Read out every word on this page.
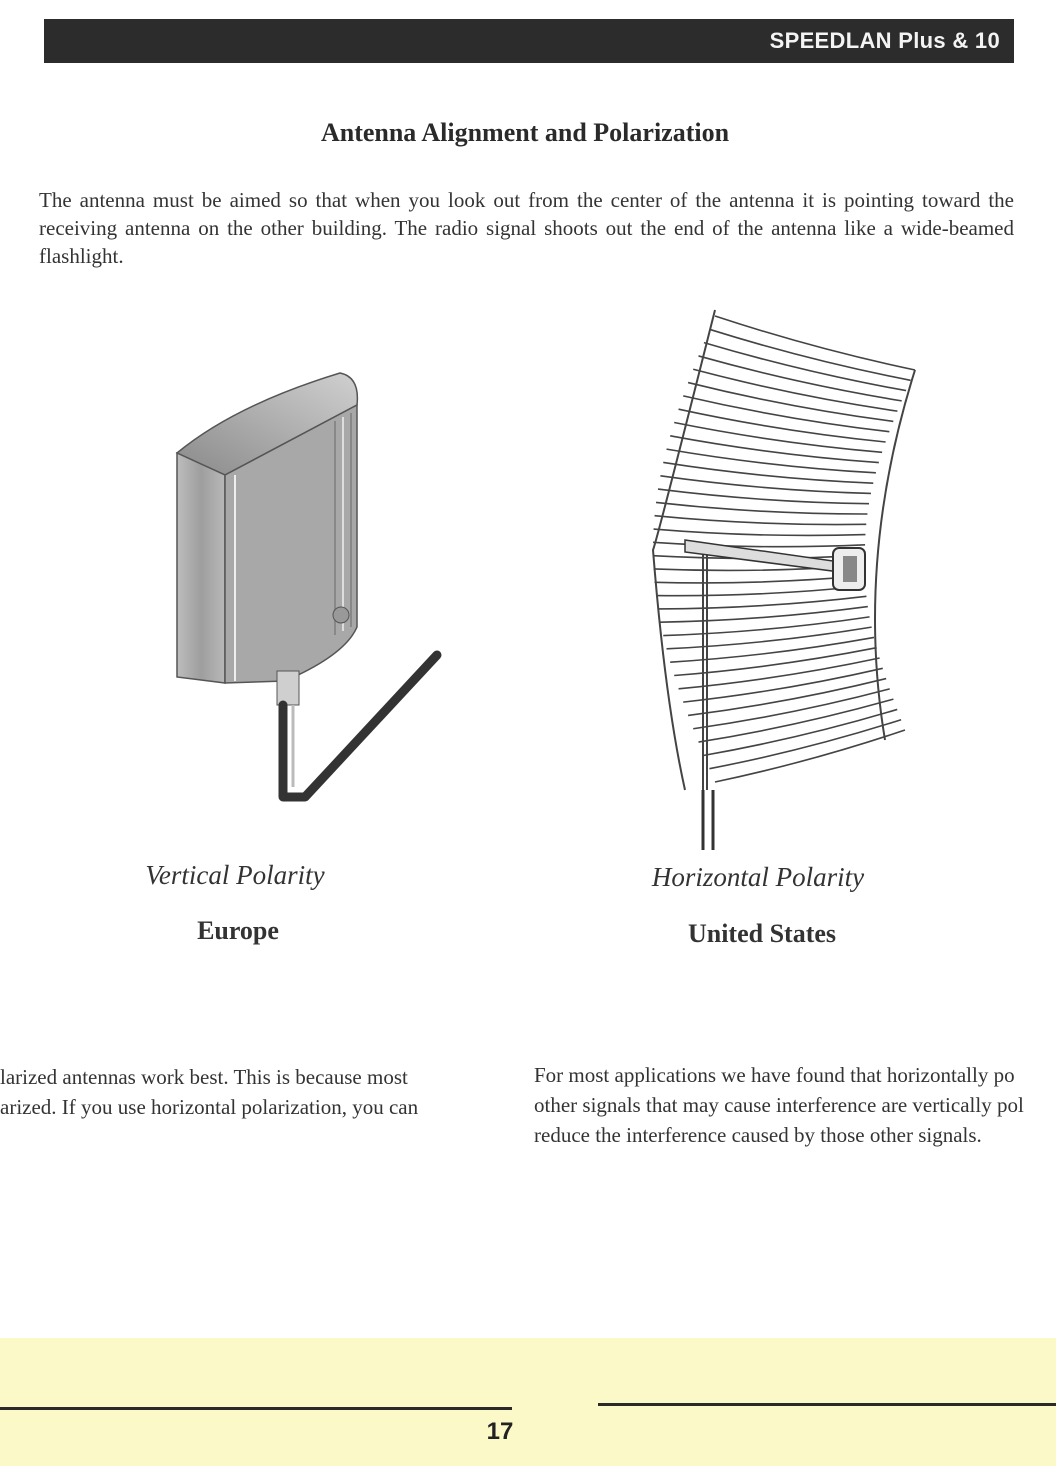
SPEEDLAN Plus & 10
Antenna Alignment and Polarization
The antenna must be aimed so that when you look out from the center of the antenna it is pointing toward the receiving antenna on the other building. The radio signal shoots out the end of the antenna like a wide-beamed flashlight.
Vertical Polarity
Europe
Horizontal Polarity
United States
larized antennas work best. This is because most
arized. If you use horizontal polarization, you can
For most applications we have found that horizontally po
other signals that may cause interference are vertically pol
reduce the interference caused by those other signals.
17
